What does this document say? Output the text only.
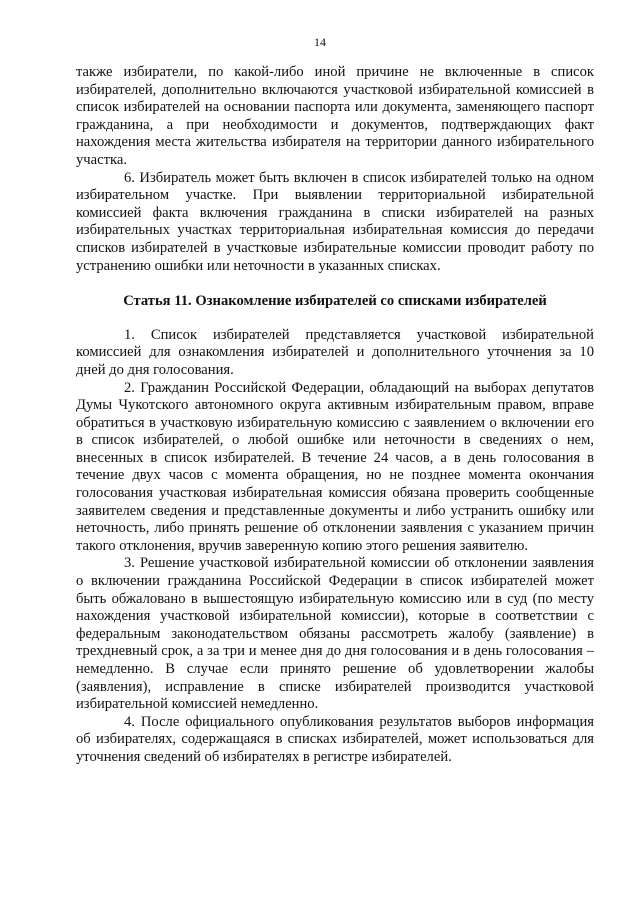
14

также избиратели, по какой-либо иной причине не включенные в список избирателей, дополнительно включаются участковой избирательной комиссией в список избирателей на основании паспорта или документа, заменяющего паспорт гражданина, а при необходимости и документов, подтверждающих факт нахождения места жительства избирателя на территории данного избирательного участка.

6. Избиратель может быть включен в список избирателей только на одном избирательном участке. При выявлении территориальной избирательной комиссией факта включения гражданина в списки избирателей на разных избирательных участках территориальная избирательная комиссия до передачи списков избирателей в участковые избирательные комиссии проводит работу по устранению ошибки или неточности в указанных списках.

Статья 11. Ознакомление избирателей со списками избирателей

1. Список избирателей представляется участковой избирательной комиссией для ознакомления избирателей и дополнительного уточнения за 10 дней до дня голосования.

2. Гражданин Российской Федерации, обладающий на выборах депутатов Думы Чукотского автономного округа активным избирательным правом, вправе обратиться в участковую избирательную комиссию с заявлением о включении его в список избирателей, о любой ошибке или неточности в сведениях о нем, внесенных в список избирателей. В течение 24 часов, а в день голосования в течение двух часов с момента обращения, но не позднее момента окончания голосования участковая избирательная комиссия обязана проверить сообщенные заявителем сведения и представленные документы и либо устранить ошибку или неточность, либо принять решение об отклонении заявления с указанием причин такого отклонения, вручив заверенную копию этого решения заявителю.

3. Решение участковой избирательной комиссии об отклонении заявления о включении гражданина Российской Федерации в список избирателей может быть обжаловано в вышестоящую избирательную комиссию или в суд (по месту нахождения участковой избирательной комиссии), которые в соответствии с федеральным законодательством обязаны рассмотреть жалобу (заявление) в трехдневный срок, а за три и менее дня до дня голосования и в день голосования – немедленно. В случае если принято решение об удовлетворении жалобы (заявления), исправление в списке избирателей производится участковой избирательной комиссией немедленно.

4. После официального опубликования результатов выборов информация об избирателях, содержащаяся в списках избирателей, может использоваться для уточнения сведений об избирателях в регистре избирателей.
